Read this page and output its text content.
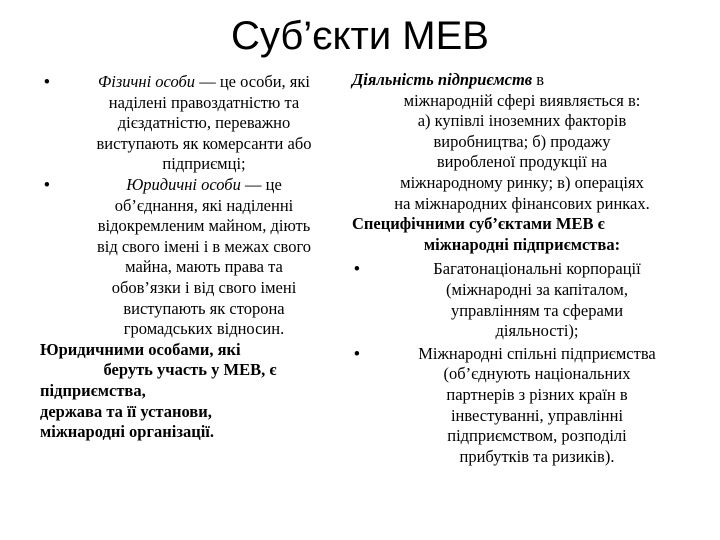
Суб’єкти МЕВ
•	Фізичні особи — це особи, які
наділені правоздатністю та
дієздатністю, переважно
виступають як комерсанти або
підприємці;
•	Юридичні особи — це
об’єднання, які наділенні
відокремленим майном, діють
від свого імені і в межах свого
майна, мають права та
обов’язки і від свого імені
виступають як сторона
громадських відносин.
Юридичними особами, які
беруть участь у МЕВ, є
підприємства,
держава та її установи,
міжнародні організації.
Діяльність підприємств в
міжнародній сфері виявляється в:
а) купівлі іноземних факторів
виробництва; б) продажу
виробленої продукції на
міжнародному ринку; в) операціях
на міжнародних фінансових ринках.
Специфічними суб’єктами МЕВ є
міжнародні підприємства:
•	Багатонаціональні корпорації
(міжнародні за капіталом,
управлінням та сферами
діяльності);
•	Міжнародні спільні підприємства
(об’єднують національних
партнерів з різних країн в
інвестуванні, управлінні
підприємством, розподілі
прибутків та ризиків).
